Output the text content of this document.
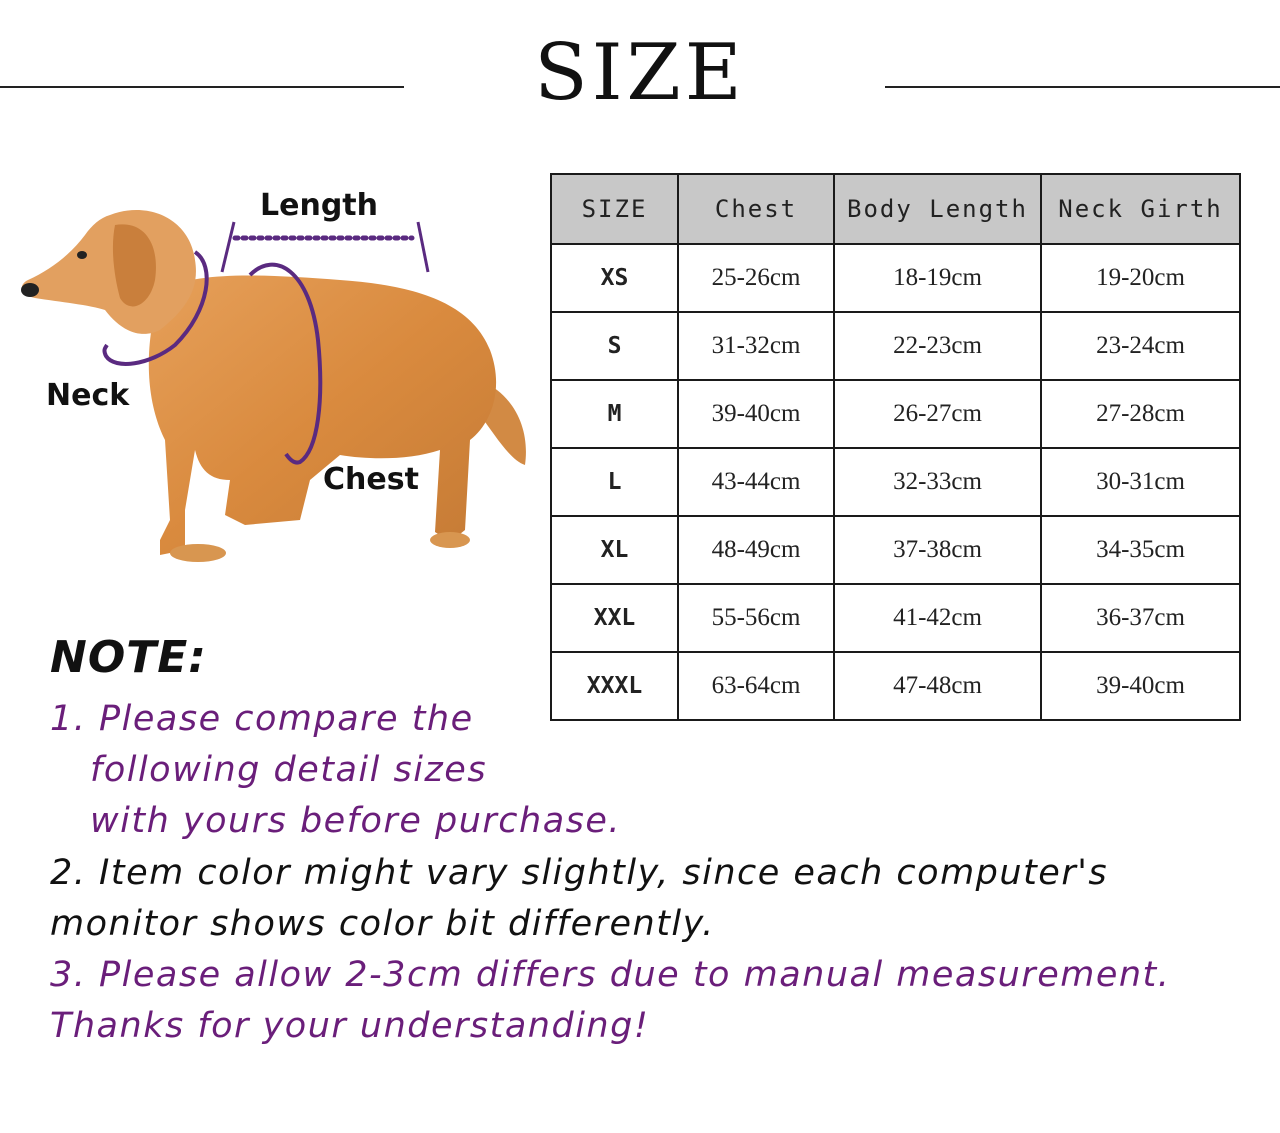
SIZE
Length
Neck
Chest
SIZE	Chest	Body Length	Neck Girth
XS	25-26cm	18-19cm	19-20cm
S	31-32cm	22-23cm	23-24cm
M	39-40cm	26-27cm	27-28cm
L	43-44cm	32-33cm	30-31cm
XL	48-49cm	37-38cm	34-35cm
XXL	55-56cm	41-42cm	36-37cm
XXXL	63-64cm	47-48cm	39-40cm
NOTE:

1. Please compare the
following detail sizes
with yours before purchase.

2. Item color might vary slightly, since each computer's
monitor shows color bit differently.

3. Please allow 2-3cm differs due to manual measurement.
Thanks for your understanding!
